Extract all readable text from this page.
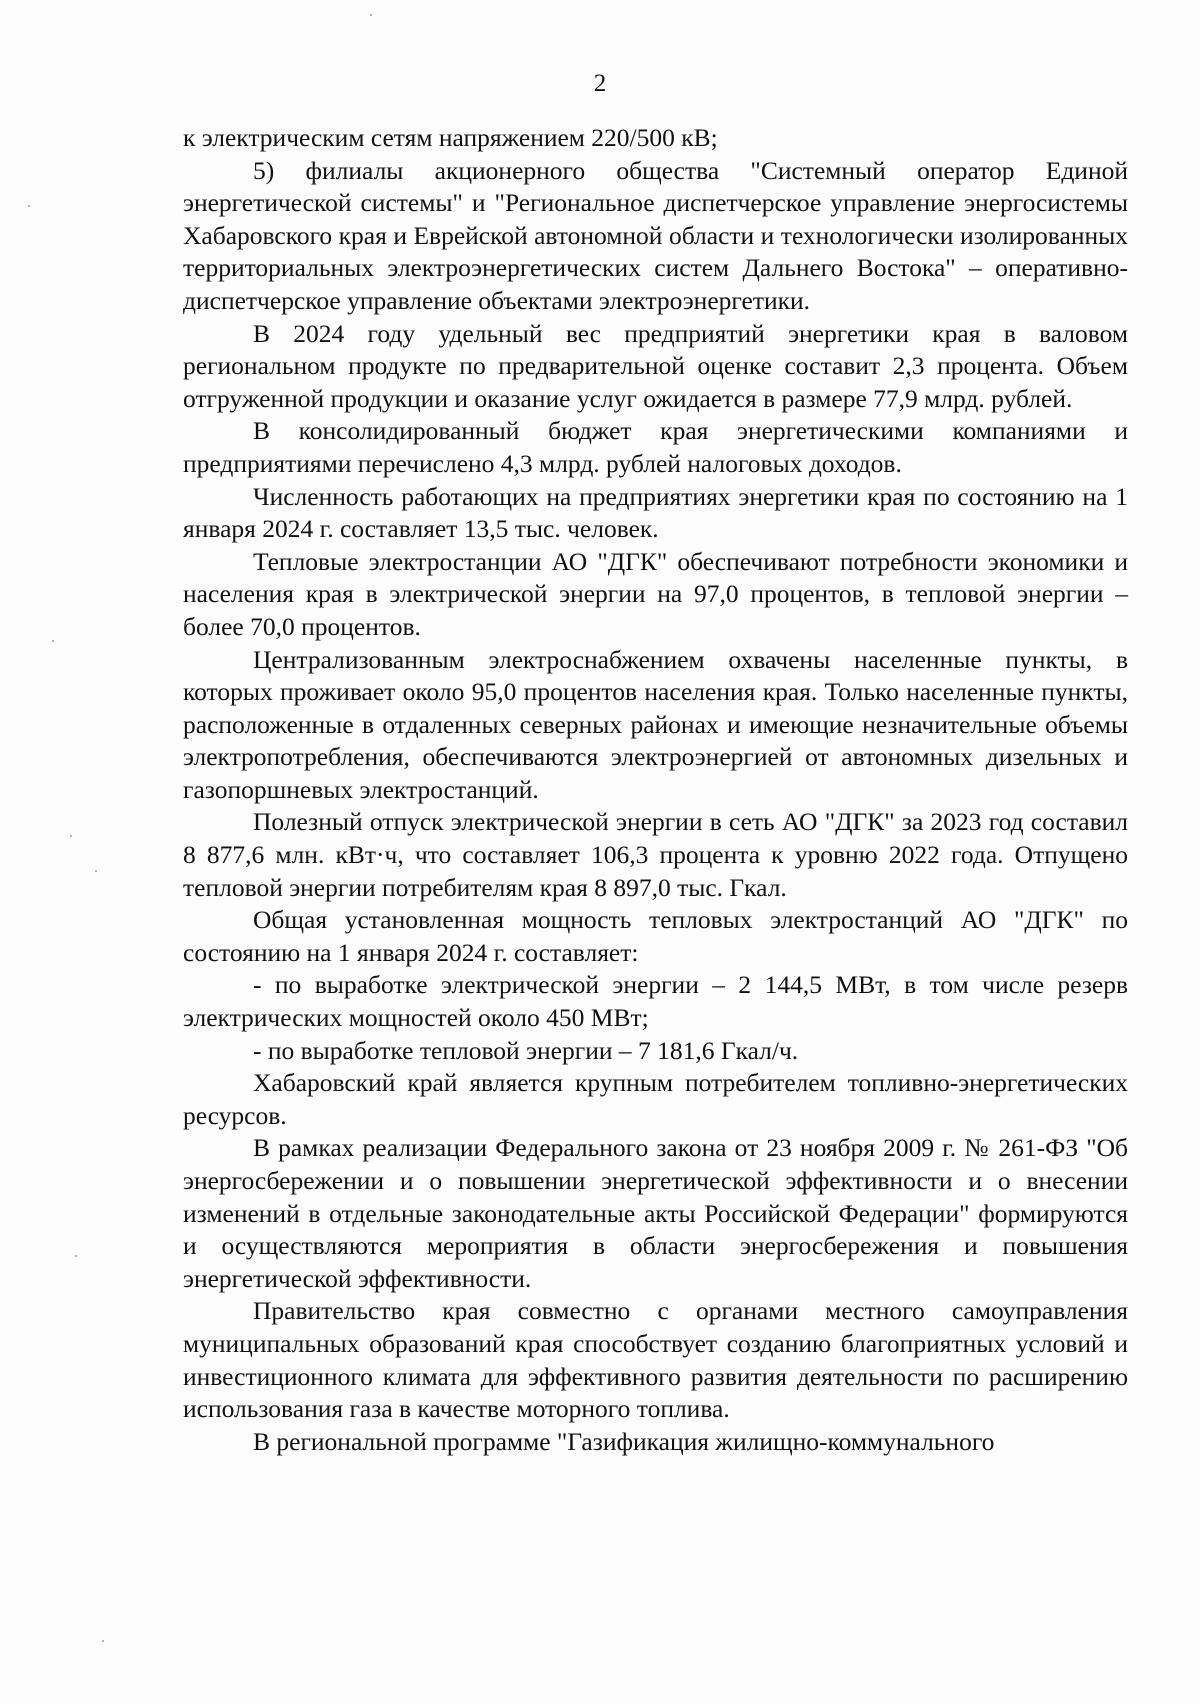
2

к электрическим сетям напряжением 220/500 кВ;

5) филиалы акционерного общества "Системный оператор Единой энергетической системы" и "Региональное диспетчерское управление энергосистемы Хабаровского края и Еврейской автономной области и технологически изолированных территориальных электроэнергетических систем Дальнего Востока" – оперативно-диспетчерское управление объектами электроэнергетики.

В 2024 году удельный вес предприятий энергетики края в валовом региональном продукте по предварительной оценке составит 2,3 процента. Объем отгруженной продукции и оказание услуг ожидается в размере 77,9 млрд. рублей.

В консолидированный бюджет края энергетическими компаниями и предприятиями перечислено 4,3 млрд. рублей налоговых доходов.

Численность работающих на предприятиях энергетики края по состоянию на 1 января 2024 г. составляет 13,5 тыс. человек.

Тепловые электростанции АО "ДГК" обеспечивают потребности экономики и населения края в электрической энергии на 97,0 процентов, в тепловой энергии – более 70,0 процентов.

Централизованным электроснабжением охвачены населенные пункты, в которых проживает около 95,0 процентов населения края. Только населенные пункты, расположенные в отдаленных северных районах и имеющие незначительные объемы электропотребления, обеспечиваются электроэнергией от автономных дизельных и газопоршневых электростанций.

Полезный отпуск электрической энергии в сеть АО "ДГК" за 2023 год составил 8 877,6 млн. кВт·ч, что составляет 106,3 процента к уровню 2022 года. Отпущено тепловой энергии потребителям края 8 897,0 тыс. Гкал.

Общая установленная мощность тепловых электростанций АО "ДГК" по состоянию на 1 января 2024 г. составляет:

- по выработке электрической энергии – 2 144,5 МВт, в том числе резерв электрических мощностей около 450 МВт;

- по выработке тепловой энергии – 7 181,6 Гкал/ч.

Хабаровский край является крупным потребителем топливно-энергетических ресурсов.

В рамках реализации Федерального закона от 23 ноября 2009 г. № 261-ФЗ "Об энергосбережении и о повышении энергетической эффективности и о внесении изменений в отдельные законодательные акты Российской Федерации" формируются и осуществляются мероприятия в области энергосбережения и повышения энергетической эффективности.

Правительство края совместно с органами местного самоуправления муниципальных образований края способствует созданию благоприятных условий и инвестиционного климата для эффективного развития деятельности по расширению использования газа в качестве моторного топлива.

В региональной программе "Газификация жилищно-коммунального
